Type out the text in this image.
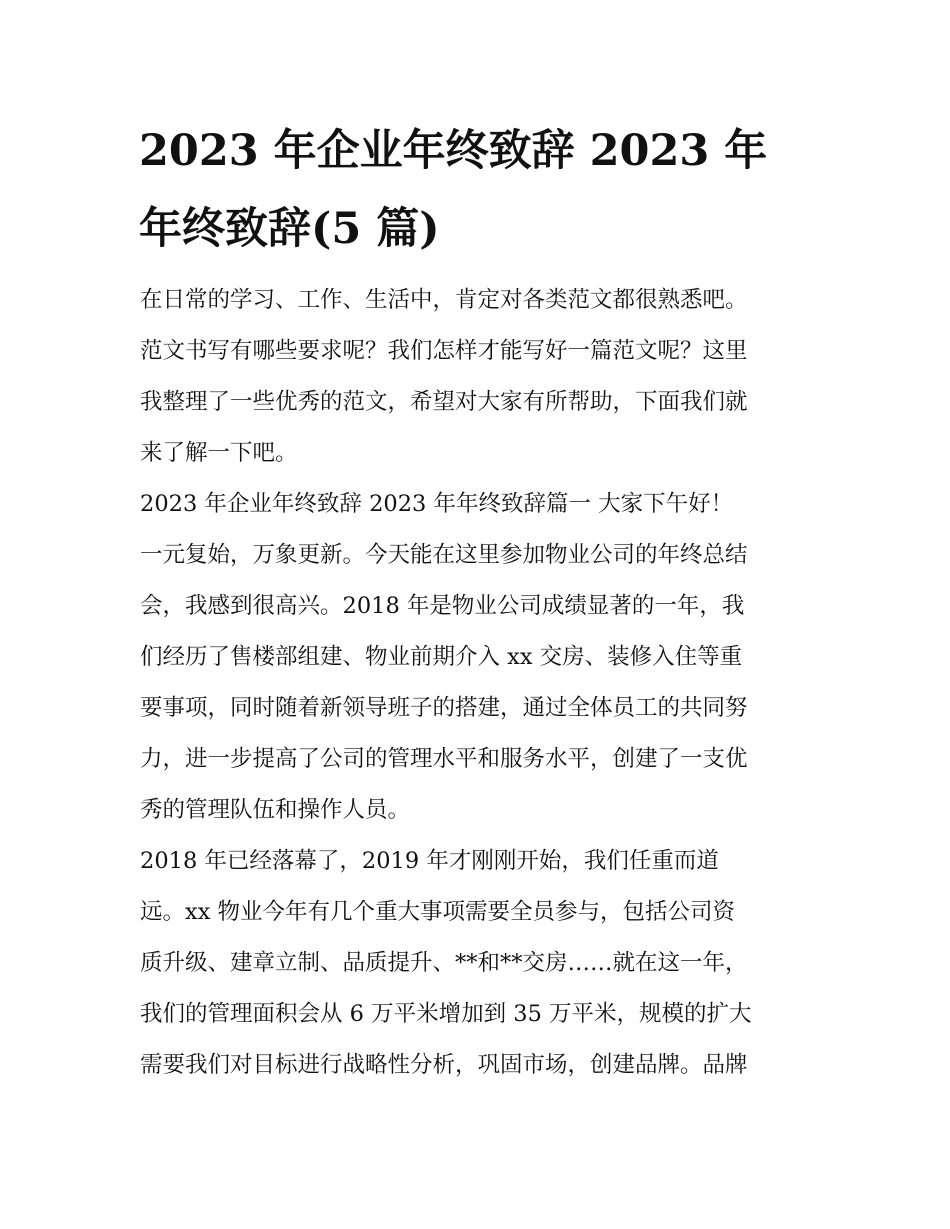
2023 年企业年终致辞 2023 年
年终致辞(5 篇)
在日常的学习、工作、生活中，肯定对各类范文都很熟悉吧。
范文书写有哪些要求呢？我们怎样才能写好一篇范文呢？这里
我整理了一些优秀的范文，希望对大家有所帮助，下面我们就
来了解一下吧。
2023 年企业年终致辞 2023 年年终致辞篇一 大家下午好！
一元复始，万象更新。今天能在这里参加物业公司的年终总结
会，我感到很高兴。2018 年是物业公司成绩显著的一年，我
们经历了售楼部组建、物业前期介入 xx 交房、装修入住等重
要事项，同时随着新领导班子的搭建，通过全体员工的共同努
力，进一步提高了公司的管理水平和服务水平，创建了一支优
秀的管理队伍和操作人员。
2018 年已经落幕了，2019 年才刚刚开始，我们任重而道
远。xx 物业今年有几个重大事项需要全员参与，包括公司资
质升级、建章立制、品质提升、**和**交房……就在这一年，
我们的管理面积会从 6 万平米增加到 35 万平米，规模的扩大
需要我们对目标进行战略性分析，巩固市场，创建品牌。品牌
